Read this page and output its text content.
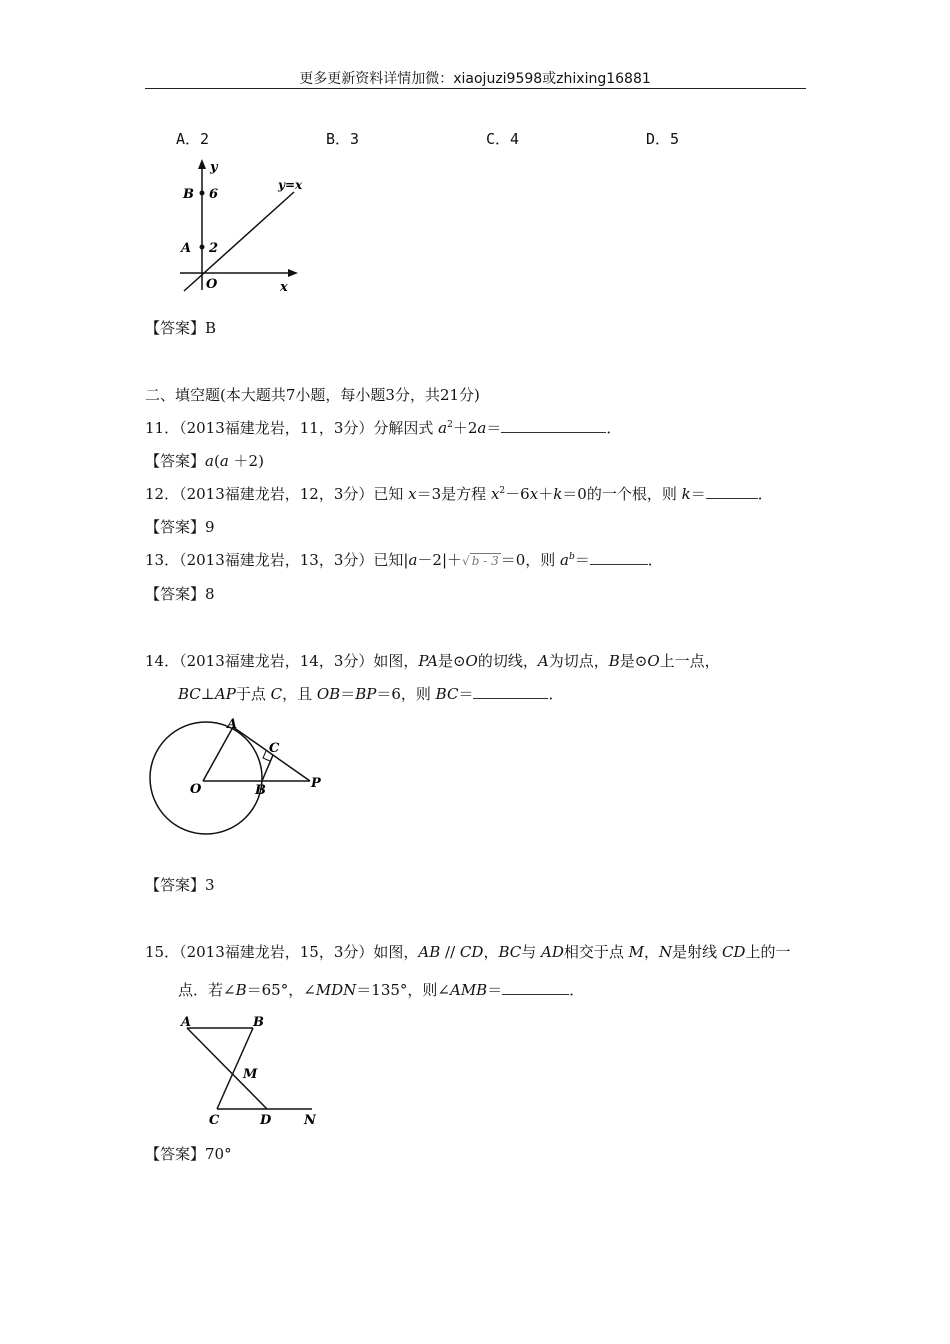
更多更新资料详情加微：xiaojuzi9598或zhixing16881
A．2	B．3	C．4	D．5
y
y=x
B 6
A 2
O	x
【答案】B
二、填空题(本大题共7小题，每小题3分，共21分)
11．（2013福建龙岩，11，3分）分解因式 $a^2+2a=$	．
【答案】a(a ＋2)
12．（2013福建龙岩，12，3分）已知 x＝3是方程 $x^2-6x+k=0$的一个根，则 k＝	．
【答案】9
13．（2013福建龙岩，13，3分）已知|a－2|＋√ b - 3 ＝0，则 $a^b=$	．
【答案】8
14．（2013福建龙岩，14，3分）如图，PA是⊙O的切线，A为切点，B是⊙O上一点，
BC⊥AP于点 C，且 OB＝BP＝6，则 BC＝	．
A
C
O	B	P
【答案】3
15．（2013福建龙岩，15，3分）如图，AB // CD，BC与 AD相交于点 M，N是射线 CD上的一
点．若∠B＝65°，∠MDN＝135°，则∠AMB＝	．
A	B
M
C	D	N
【答案】70°
